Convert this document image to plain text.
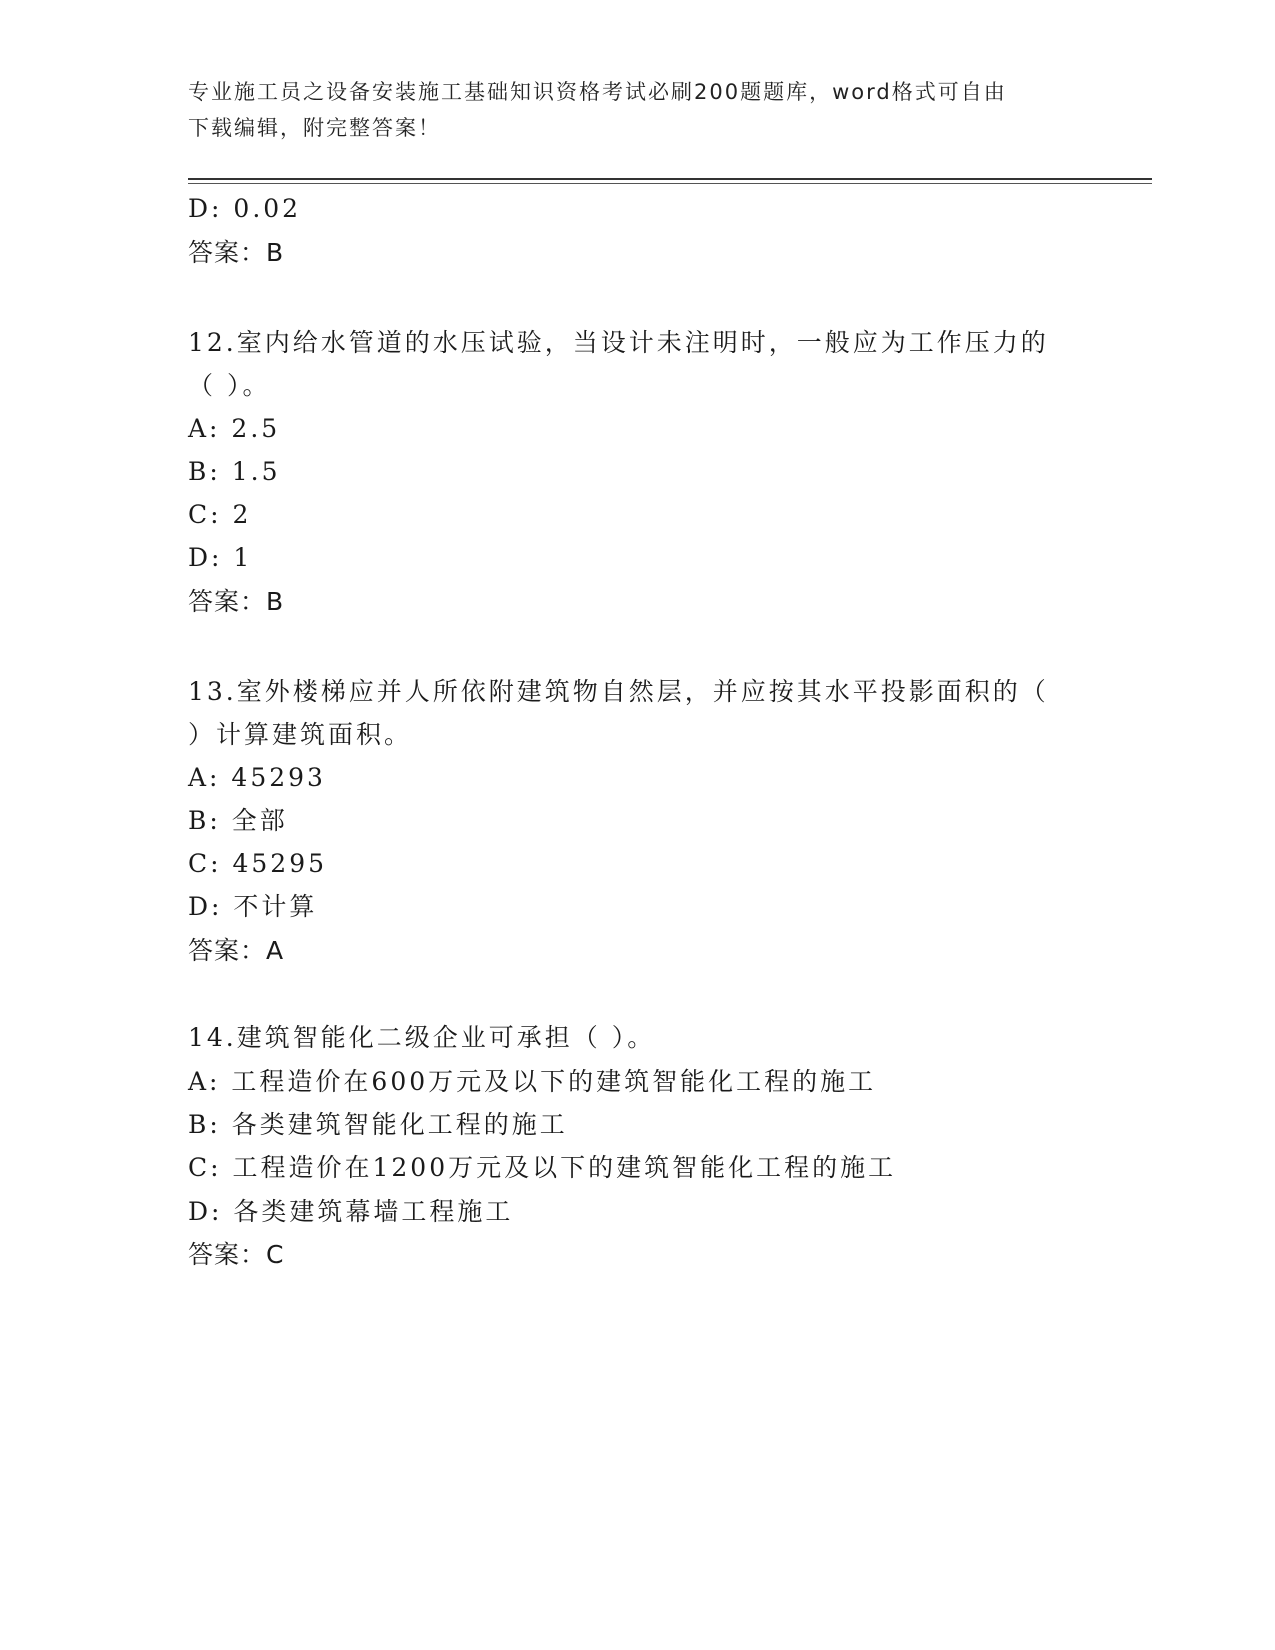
专业施工员之设备安装施工基础知识资格考试必刷200题题库，word格式可自由
下载编辑，附完整答案！
D: 0.02
答案：B
12.室内给水管道的水压试验，当设计未注明时，一般应为工作压力的
（ ）。
A: 2.5
B: 1.5
C: 2
D: 1
答案：B
13.室外楼梯应并人所依附建筑物自然层，并应按其水平投影面积的（
）计算建筑面积。
A: 45293
B: 全部
C: 45295
D: 不计算
答案：A
14.建筑智能化二级企业可承担（ ）。
A: 工程造价在600万元及以下的建筑智能化工程的施工
B: 各类建筑智能化工程的施工
C: 工程造价在1200万元及以下的建筑智能化工程的施工
D: 各类建筑幕墙工程施工
答案：C
